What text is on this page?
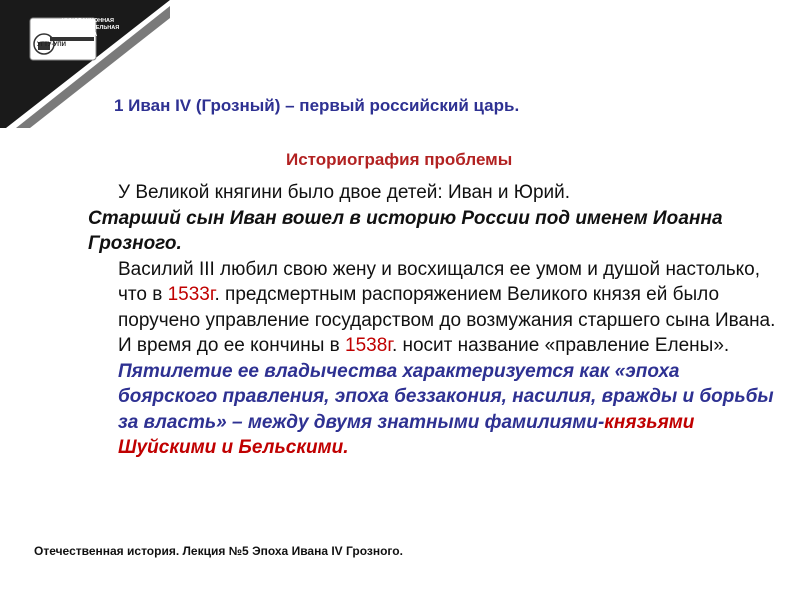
ИННОВАЦИОННАЯ
ОБРАЗОВАТЕЛЬНАЯ
ПРОГРАММА
УГТУ-УПИ
1 Иван IV (Грозный) – первый российский царь.
Историография проблемы

У Великой княгини было двое детей: Иван и Юрий.

Старший сын Иван вошел в историю России под именем Иоанна Грозного.

Василий III любил свою жену и восхищался ее умом и душой настолько, что в 1533г. предсмертным распоряжением Великого князя ей было поручено управление государством до возмужания старшего сына Ивана. И время до ее кончины в 1538г. носит название «правление Елены».

Пятилетие ее владычества характеризуется как «эпоха боярского правления, эпоха беззакония, насилия, вражды и борьбы за власть» – между двумя знатными фамилиями-князьями Шуйскими и Бельскими.

Отечественная история. Лекция №5 Эпоха Ивана IV Грозного.
